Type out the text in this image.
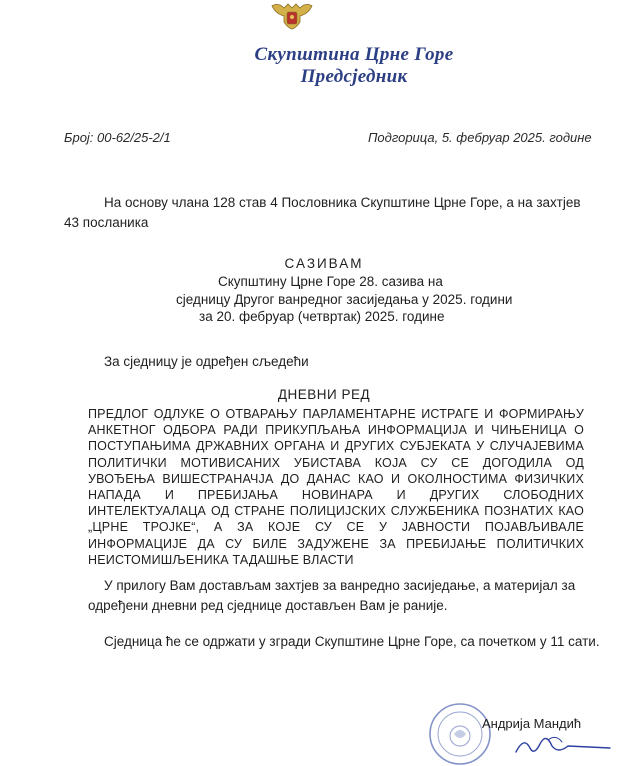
Скупштина Црне Горе
Предсједник
Број: 00-62/25-2/1	Подгорица, 5. фебруар 2025. године
На основу члана 128 став 4 Пословника Скупштине Црне Горе, а на захтјев
43 посланика
САЗИВАМ
Скупштину Црне Горе 28. сазива на
сједницу Другог ванредног засиједања у 2025. години
за 20. фебруар (четвртак) 2025. године
За сједницу је одређен сљедећи
ДНЕВНИ РЕД
ПРЕДЛОГ ОДЛУКЕ О ОТВАРАЊУ ПАРЛАМЕНТАРНЕ ИСТРАГЕ И ФОРМИРАЊУ АНКЕТНОГ ОДБОРА РАДИ ПРИКУПЉАЊА ИНФОРМАЦИЈА И ЧИЊЕНИЦА О ПОСТУПАЊИМА ДРЖАВНИХ ОРГАНА И ДРУГИХ СУБЈЕКАТА У СЛУЧАЈЕВИМА ПОЛИТИЧКИ МОТИВИСАНИХ УБИСТАВА КОЈА СУ СЕ ДОГОДИЛА ОД УВОЂЕЊА ВИШЕСТРАНАЧЈА ДО ДАНАС КАО И ОКОЛНОСТИМА ФИЗИЧКИХ НАПАДА И ПРЕБИЈАЊА НОВИНАРА И ДРУГИХ СЛОБОДНИХ ИНТЕЛЕКТУАЛАЦА ОД СТРАНЕ ПОЛИЦИЈСКИХ СЛУЖБЕНИКА ПОЗНАТИХ КАО „ЦРНЕ ТРОЈКЕ“, А ЗА КОЈЕ СУ СЕ У ЈАВНОСТИ ПОЈАВЉИВАЛЕ ИНФОРМАЦИЈЕ ДА СУ БИЛЕ ЗАДУЖЕНЕ ЗА ПРЕБИЈАЊЕ ПОЛИТИЧКИХ НЕИСТОМИШЉЕНИКА ТАДАШЊЕ ВЛАСТИ
У прилогу Вам достављам захтјев за ванредно засиједање, а материјал за
одређени дневни ред сједнице достављен Вам је раније.
Сједница ће се одржати у згради Скупштине Црне Горе, са почетком у 11 сати.
Андрија Мандић
